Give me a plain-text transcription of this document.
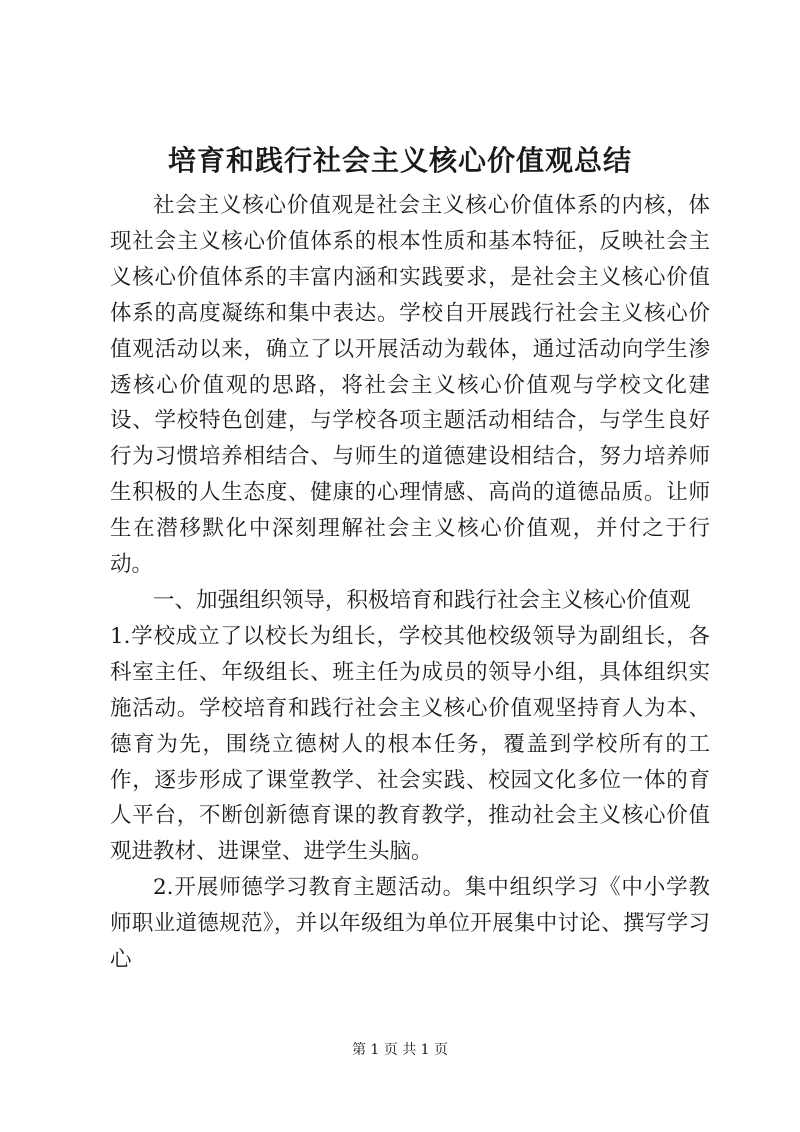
培育和践行社会主义核心价值观总结

社会主义核心价值观是社会主义核心价值体系的内核，体现社会主义核心价值体系的根本性质和基本特征，反映社会主义核心价值体系的丰富内涵和实践要求，是社会主义核心价值体系的高度凝练和集中表达。学校自开展践行社会主义核心价值观活动以来，确立了以开展活动为载体，通过活动向学生渗透核心价值观的思路，将社会主义核心价值观与学校文化建设、学校特色创建，与学校各项主题活动相结合，与学生良好行为习惯培养相结合、与师生的道德建设相结合，努力培养师生积极的人生态度、健康的心理情感、高尚的道德品质。让师生在潜移默化中深刻理解社会主义核心价值观，并付之于行动。

一、加强组织领导，积极培育和践行社会主义核心价值观

1.学校成立了以校长为组长，学校其他校级领导为副组长，各科室主任、年级组长、班主任为成员的领导小组，具体组织实施活动。学校培育和践行社会主义核心价值观坚持育人为本、德育为先，围绕立德树人的根本任务，覆盖到学校所有的工作，逐步形成了课堂教学、社会实践、校园文化多位一体的育人平台，不断创新德育课的教育教学，推动社会主义核心价值观进教材、进课堂、进学生头脑。

2.开展师德学习教育主题活动。集中组织学习《中小学教师职业道德规范》，并以年级组为单位开展集中讨论、撰写学习心

第 1 页 共 1 页
